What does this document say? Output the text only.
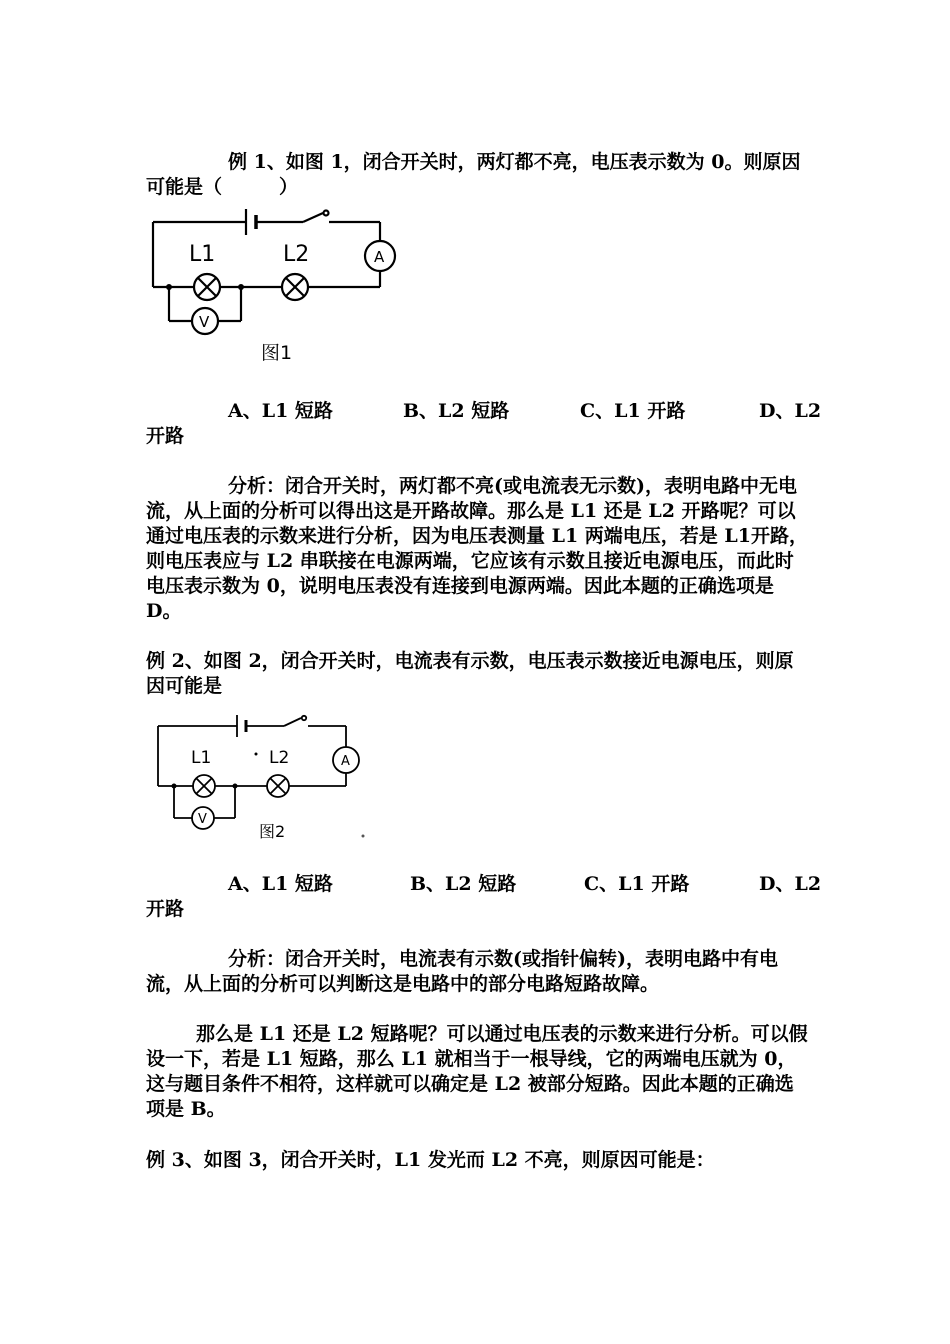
例 1、如图 1，闭合开关时，两灯都不亮，电压表示数为 0。则原因

可能是（　　　）

L1	L2	A
V
图1
A、L1 短路	B、L2 短路	C、L1 开路	D、L2

开路

分析：闭合开关时，两灯都不亮(或电流表无示数)，表明电路中无电流，从上面的分析可以得出这是开路故障。那么是 L1 还是 L2 开路呢？可以通过电压表的示数来进行分析，因为电压表测量 L1 两端电压，若是 L1开路，则电压表应与 L2 串联接在电源两端，它应该有示数且接近电源电压，而此时电压表示数为 0，说明电压表没有连接到电源两端。因此本题的正确选项是 D。

例 2、如图 2，闭合开关时，电流表有示数，电压表示数接近电源电压，则原因可能是

L1	L2	A
V
图2
A、L1 短路	B、L2 短路	C、L1 开路	D、L2

开路

分析：闭合开关时，电流表有示数(或指针偏转)，表明电路中有电流，从上面的分析可以判断这是电路中的部分电路短路故障。

那么是 L1 还是 L2 短路呢？可以通过电压表的示数来进行分析。可以假设一下，若是 L1 短路，那么 L1 就相当于一根导线，它的两端电压就为 0，这与题目条件不相符，这样就可以确定是 L2 被部分短路。因此本题的正确选项是 B。

例 3、如图 3，闭合开关时，L1 发光而 L2 不亮，则原因可能是：
